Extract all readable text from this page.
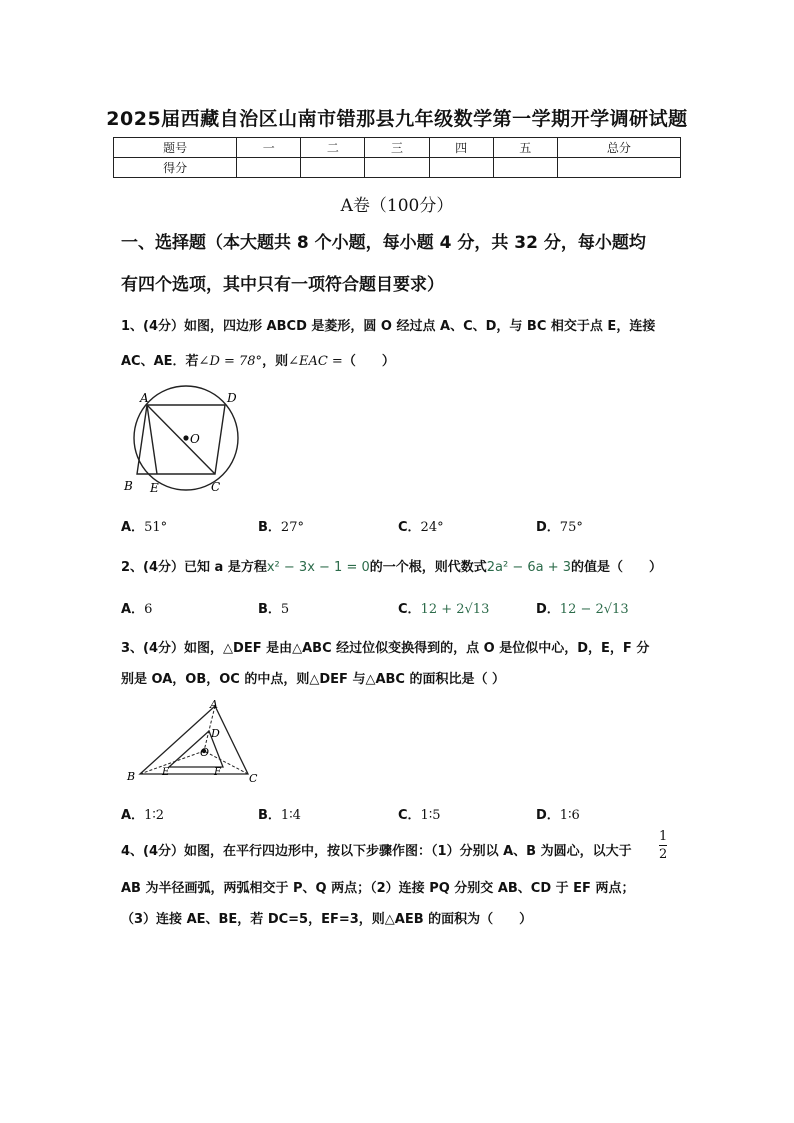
2025届西藏自治区山南市错那县九年级数学第一学期开学调研试题
题号	一	二	三	四	五	总分
得分						
A卷（100分）
一、选择题（本大题共 8 个小题，每小题 4 分，共 32 分，每小题均
有四个选项，其中只有一项符合题目要求）
1、(4分）如图，四边形 ABCD 是菱形，圆 O 经过点 A、C、D，与 BC 相交于点 E，连接
AC、AE．若∠D = 78°，则∠EAC =（　　）
A	D
O
B E	C
A．51°	B．27°	C．24°	D．75°
2、(4分）已知 a 是方程x² − 3x − 1 = 0的一个根，则代数式2a² − 6a + 3的值是（　　）
A．6	B．5	C．12 + 2√13	D．12 − 2√13
3、(4分）如图，△DEF 是由△ABC 经过位似变换得到的，点 O 是位似中心，D，E，F 分
别是 OA，OB，OC 的中点，则△DEF 与△ABC 的面积比是（ ）
A
D
O
B	E	F	C
A．1∶2	B．1∶4	C．1∶5	D．1∶6
4、(4分）如图，在平行四边形中，按以下步骤作图：（1）分别以 A、B 为圆心，以大于 $\frac{1}{2}$
AB 为半径画弧，两弧相交于 P、Q 两点；（2）连接 PQ 分别交 AB、CD 于 EF 两点；
（3）连接 AE、BE，若 DC=5，EF=3，则△AEB 的面积为（　　）
